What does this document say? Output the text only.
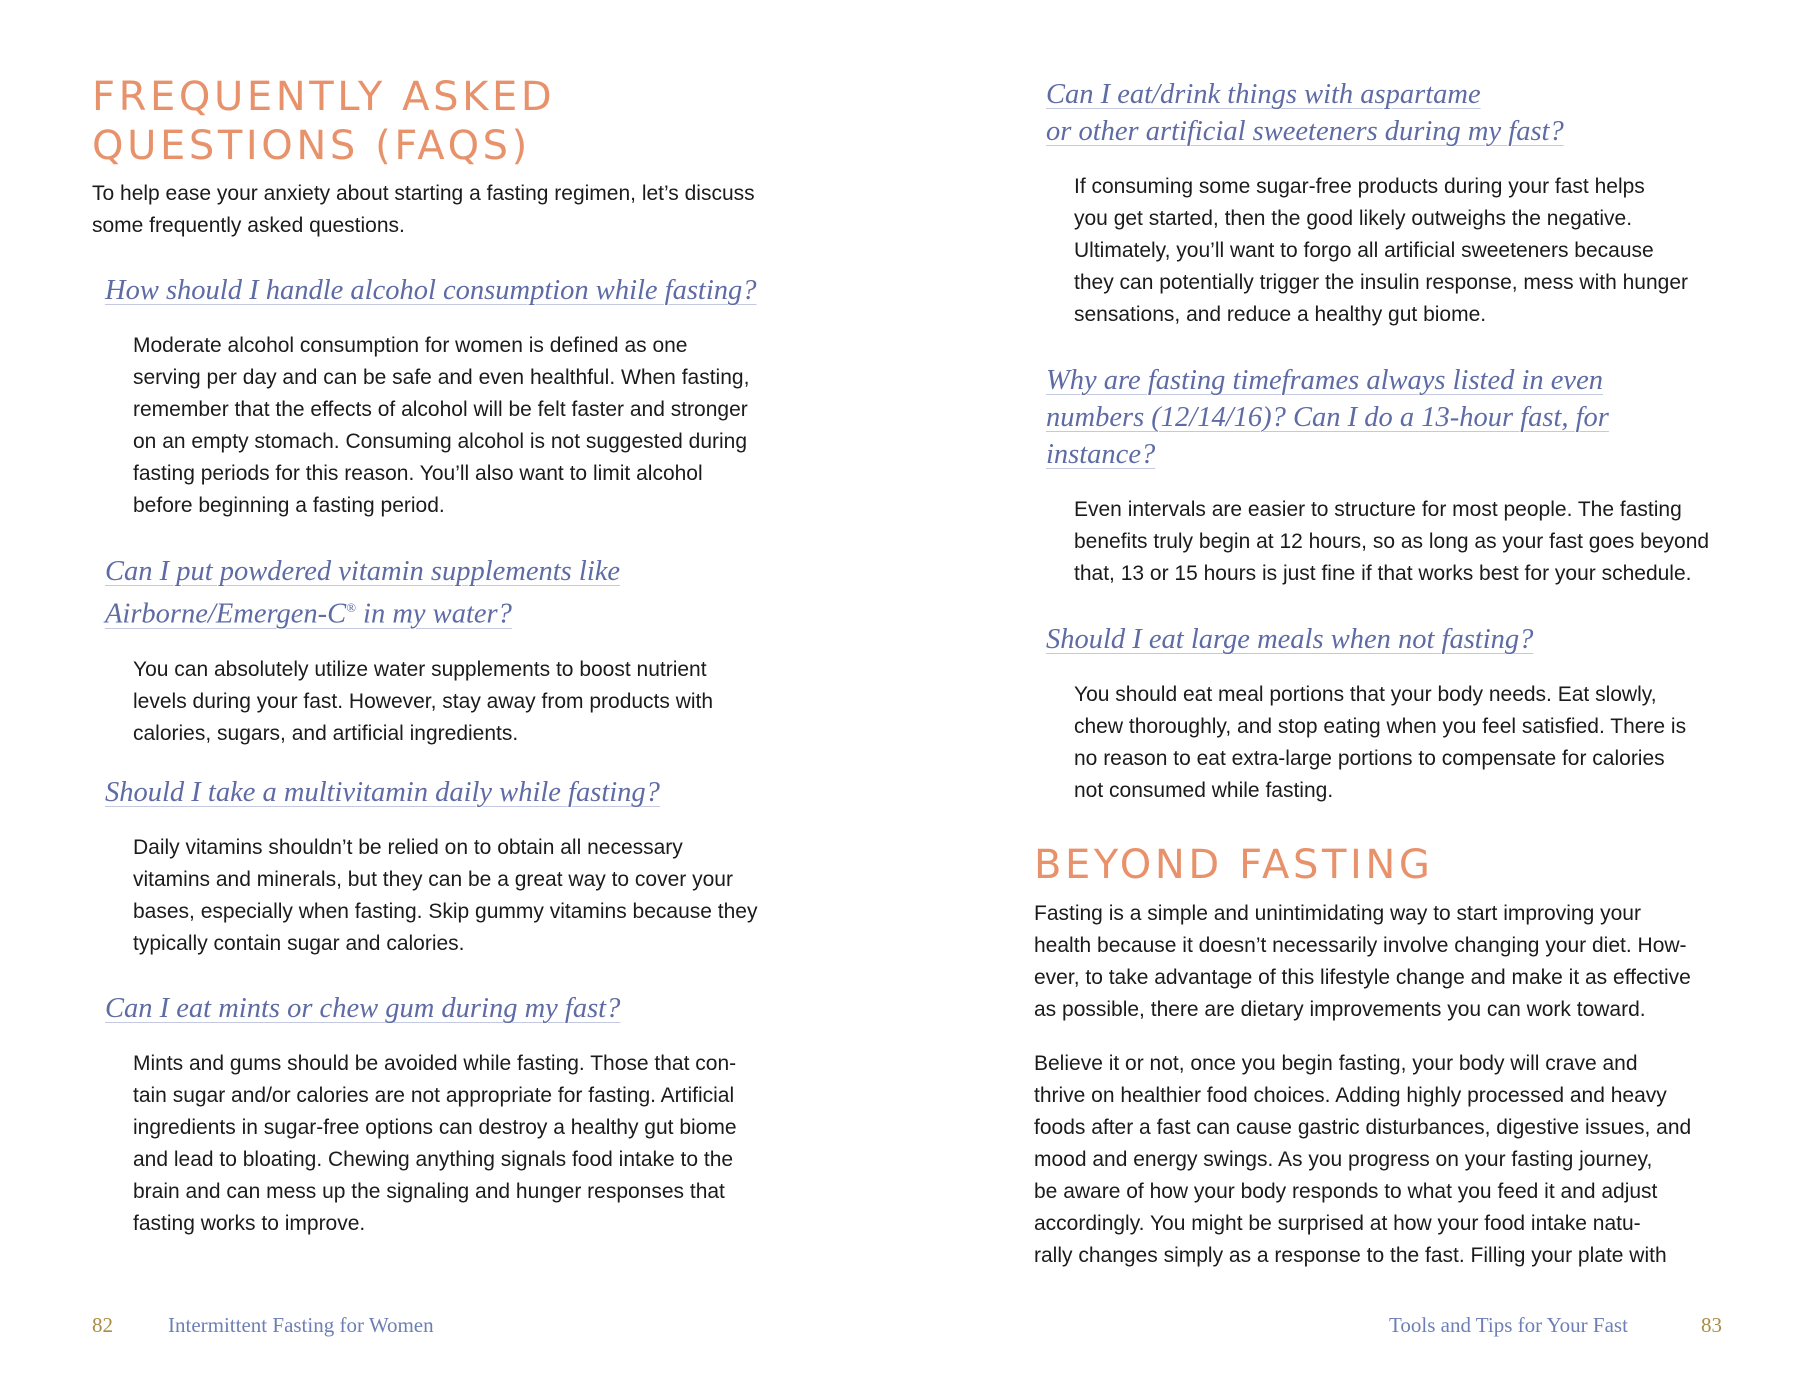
FREQUENTLY ASKED
QUESTIONS (FAQS)

To help ease your anxiety about starting a fasting regimen, let’s discuss
some frequently asked questions.

How should I handle alcohol consumption while fasting?
Moderate alcohol consumption for women is defined as one
serving per day and can be safe and even healthful. When fasting,
remember that the effects of alcohol will be felt faster and stronger
on an empty stomach. Consuming alcohol is not suggested during
fasting periods for this reason. You’ll also want to limit alcohol
before beginning a fasting period.
Can I put powdered vitamin supplements like
Airborne/Emergen-C® in my water?
You can absolutely utilize water supplements to boost nutrient
levels during your fast. However, stay away from products with
calories, sugars, and artificial ingredients.
Should I take a multivitamin daily while fasting?
Daily vitamins shouldn’t be relied on to obtain all necessary
vitamins and minerals, but they can be a great way to cover your
bases, especially when fasting. Skip gummy vitamins because they
typically contain sugar and calories.
Can I eat mints or chew gum during my fast?
Mints and gums should be avoided while fasting. Those that con-
tain sugar and/or calories are not appropriate for fasting. Artificial
ingredients in sugar-free options can destroy a healthy gut biome
and lead to bloating. Chewing anything signals food intake to the
brain and can mess up the signaling and hunger responses that
fasting works to improve.
82	Intermittent Fasting for Women
Can I eat/drink things with aspartame
or other artificial sweeteners during my fast?
If consuming some sugar-free products during your fast helps
you get started, then the good likely outweighs the negative.
Ultimately, you’ll want to forgo all artificial sweeteners because
they can potentially trigger the insulin response, mess with hunger
sensations, and reduce a healthy gut biome.
Why are fasting timeframes always listed in even
numbers (12/14/16)? Can I do a 13-hour fast, for
instance?
Even intervals are easier to structure for most people. The fasting
benefits truly begin at 12 hours, so as long as your fast goes beyond
that, 13 or 15 hours is just fine if that works best for your schedule.
Should I eat large meals when not fasting?
You should eat meal portions that your body needs. Eat slowly,
chew thoroughly, and stop eating when you feel satisfied. There is
no reason to eat extra-large portions to compensate for calories
not consumed while fasting.
BEYOND FASTING

Fasting is a simple and unintimidating way to start improving your
health because it doesn’t necessarily involve changing your diet. How-
ever, to take advantage of this lifestyle change and make it as effective
as possible, there are dietary improvements you can work toward.

Believe it or not, once you begin fasting, your body will crave and
thrive on healthier food choices. Adding highly processed and heavy
foods after a fast can cause gastric disturbances, digestive issues, and
mood and energy swings. As you progress on your fasting journey,
be aware of how your body responds to what you feed it and adjust
accordingly. You might be surprised at how your food intake natu-
rally changes simply as a response to the fast. Filling your plate with

Tools and Tips for Your Fast	83
